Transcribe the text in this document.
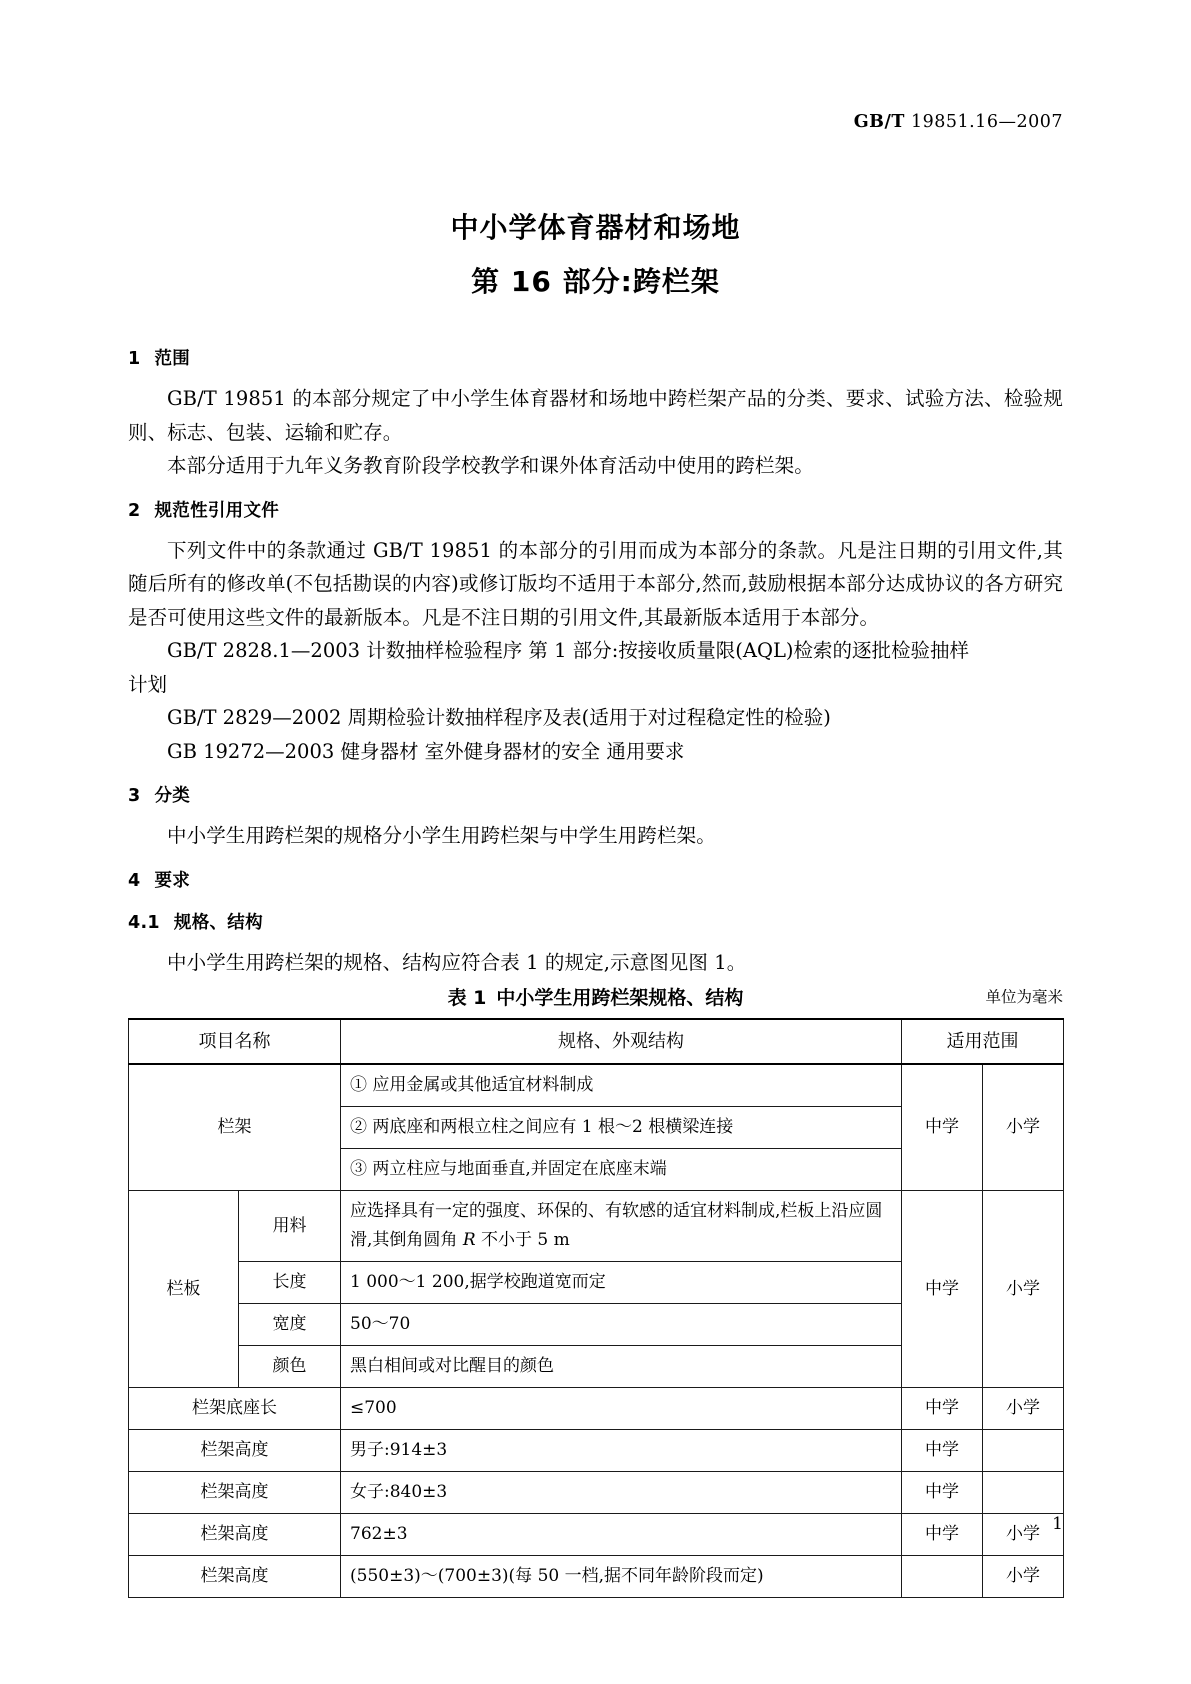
GB/T 19851.16—2007
中小学体育器材和场地
第 16 部分:跨栏架
1 范围

GB/T 19851 的本部分规定了中小学生体育器材和场地中跨栏架产品的分类、要求、试验方法、检验规则、标志、包装、运输和贮存。

本部分适用于九年义务教育阶段学校教学和课外体育活动中使用的跨栏架。

2 规范性引用文件

下列文件中的条款通过 GB/T 19851 的本部分的引用而成为本部分的条款。凡是注日期的引用文件,其随后所有的修改单(不包括勘误的内容)或修订版均不适用于本部分,然而,鼓励根据本部分达成协议的各方研究是否可使用这些文件的最新版本。凡是不注日期的引用文件,其最新版本适用于本部分。

GB/T 2828.1—2003 计数抽样检验程序 第 1 部分:按接收质量限(AQL)检索的逐批检验抽样

计划

GB/T 2829—2002 周期检验计数抽样程序及表(适用于对过程稳定性的检验)

GB 19272—2003 健身器材 室外健身器材的安全 通用要求

3 分类

中小学生用跨栏架的规格分小学生用跨栏架与中学生用跨栏架。

4 要求
4.1 规格、结构

中小学生用跨栏架的规格、结构应符合表 1 的规定,示意图见图 1。

表 1 中小学生用跨栏架规格、结构	单位为毫米
项目名称		规格、外观结构	适用范围	
栏架		① 应用金属或其他适宜材料制成	中学	小学
		② 两底座和两根立柱之间应有 1 根～2 根横梁连接		
		③ 两立柱应与地面垂直,并固定在底座末端		
栏板	用料	应选择具有一定的强度、环保的、有软感的适宜材料制成,栏板上沿应圆
滑,其倒角圆角 R 不小于 5 m	中学	小学
	长度	1 000～1 200,据学校跑道宽而定		
	宽度	50～70		
	颜色	黑白相间或对比醒目的颜色		
栏架底座长		≤700	中学	小学
栏架高度		男子:914±3	中学	
栏架高度		女子:840±3	中学	
栏架高度		762±3	中学	小学
栏架高度		(550±3)～(700±3)(每 50 一档,据不同年龄阶段而定)		小学
1
